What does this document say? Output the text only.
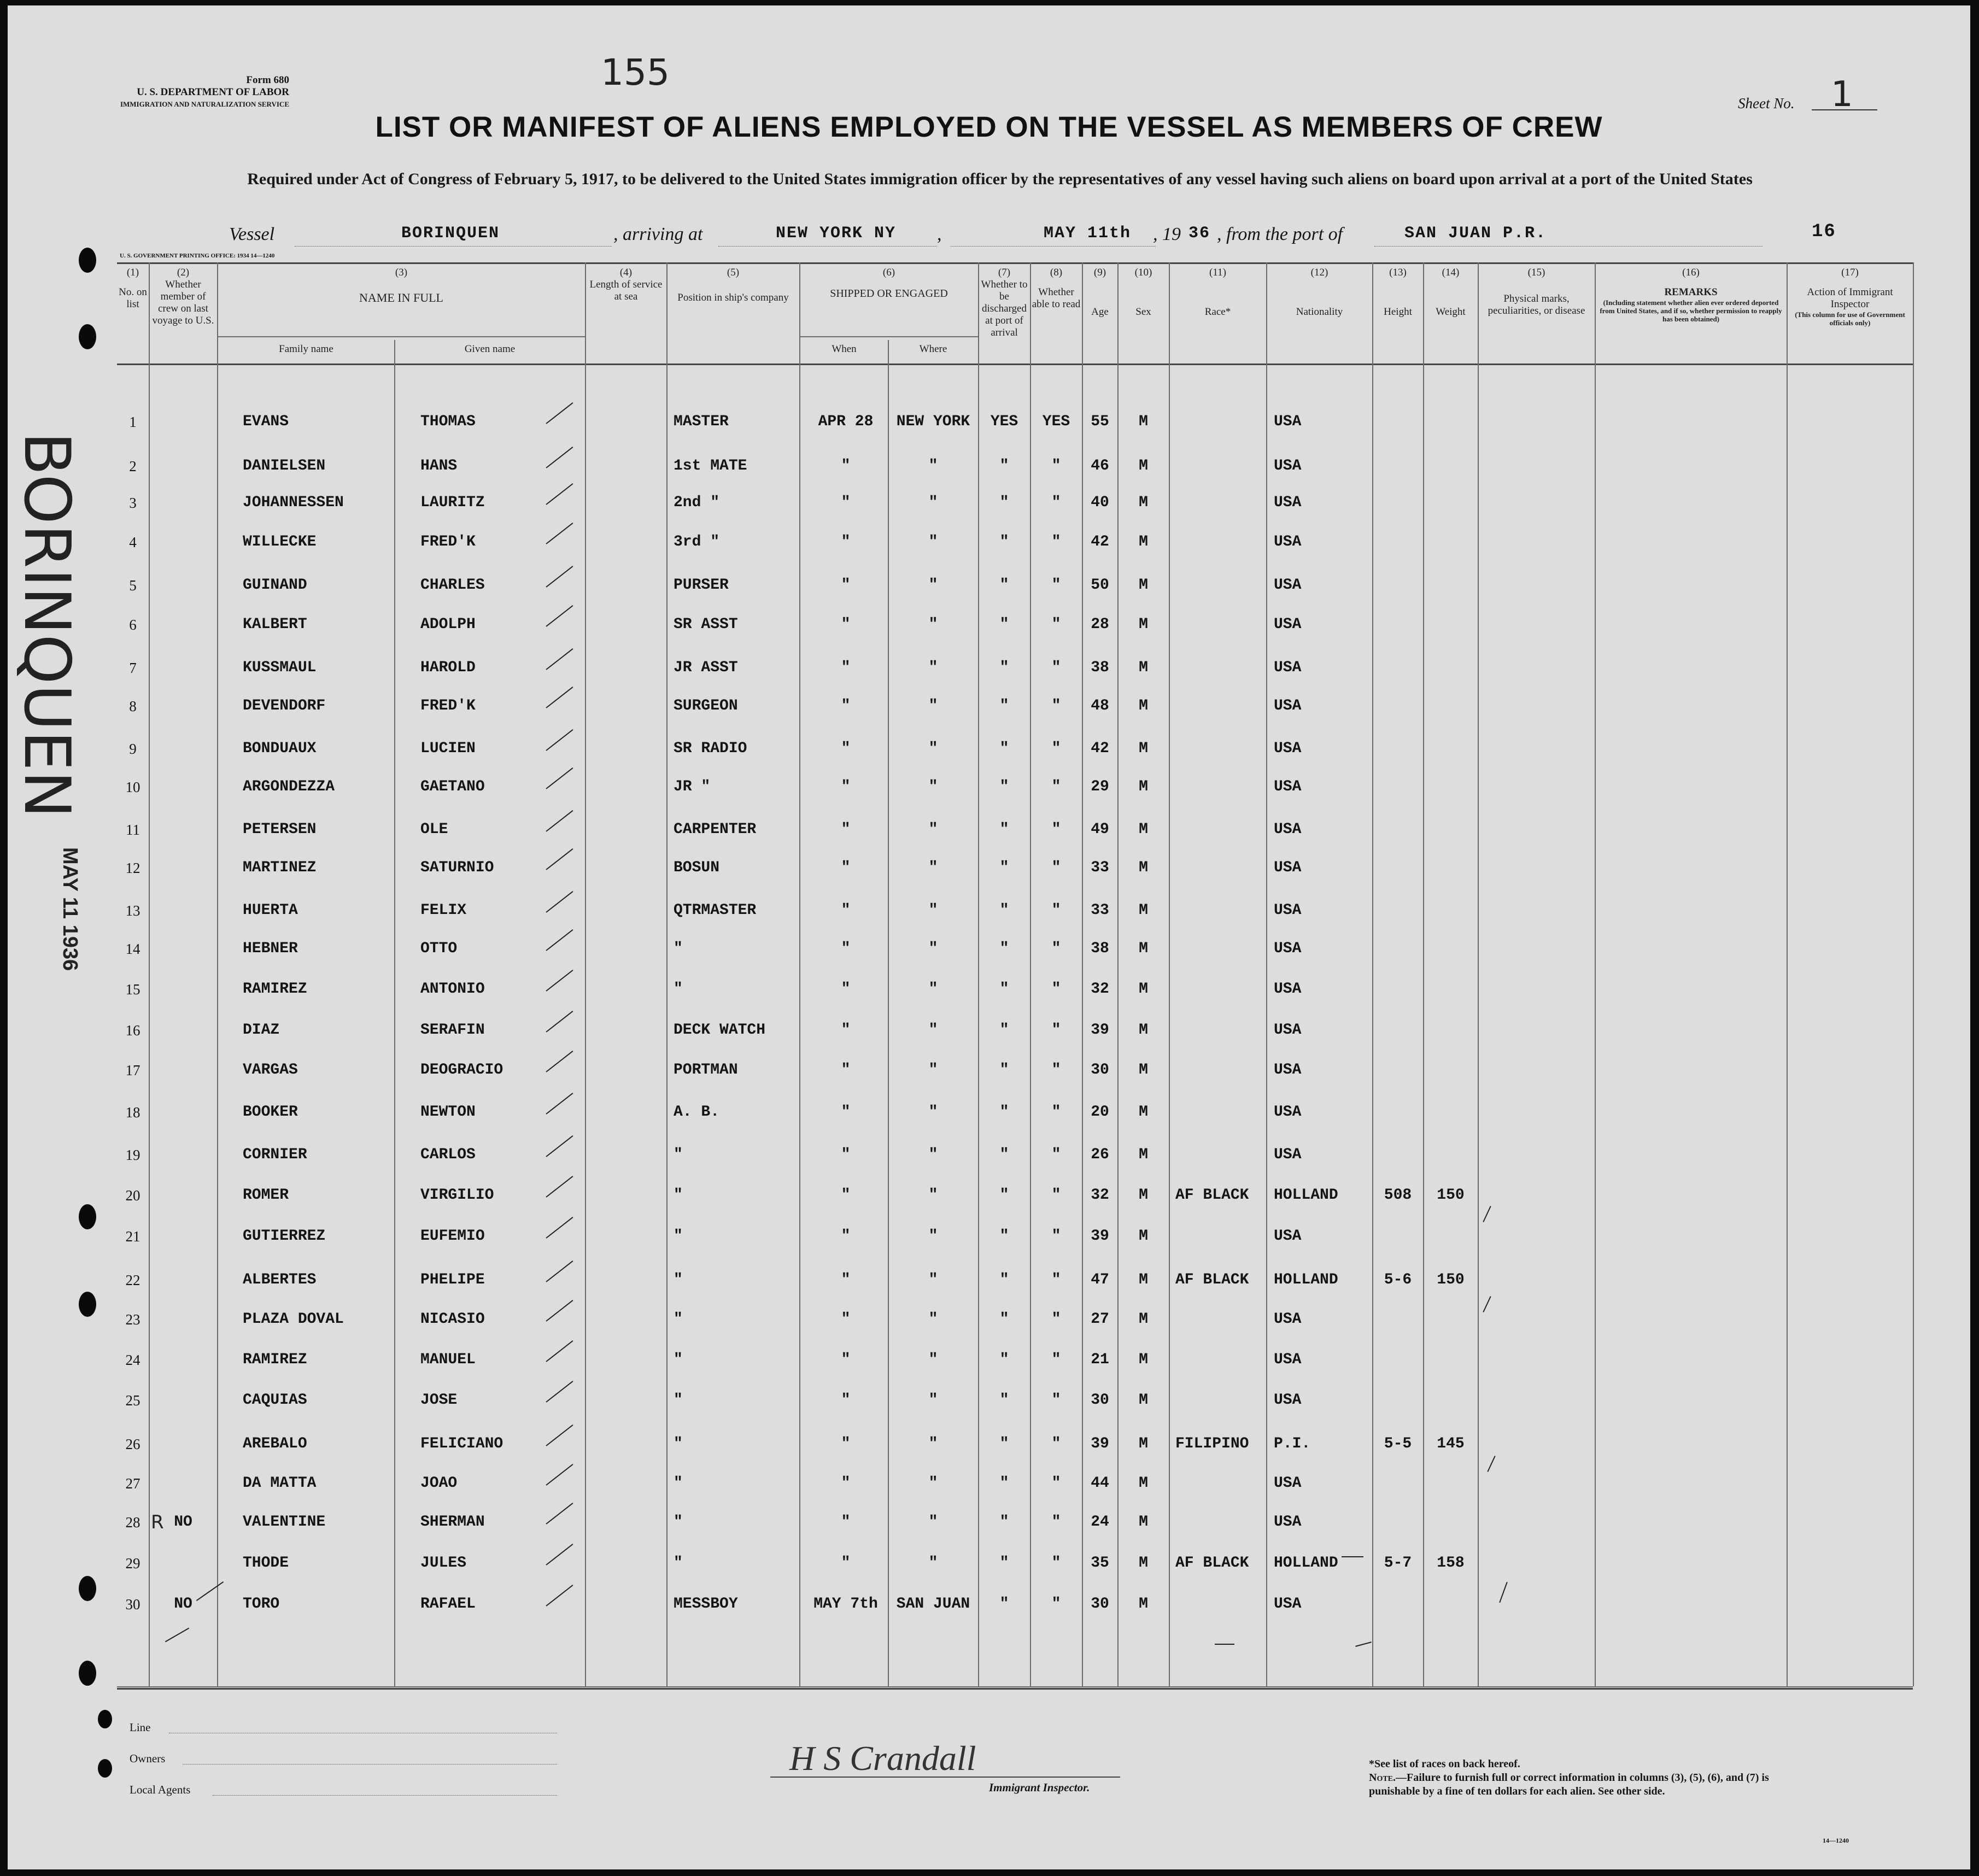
Form 680
U. S. DEPARTMENT OF LABOR
IMMIGRATION AND NATURALIZATION SERVICE
155
Sheet No. 1
LIST OR MANIFEST OF ALIENS EMPLOYED ON THE VESSEL AS MEMBERS OF CREW
Required under Act of Congress of February 5, 1917, to be delivered to the United States immigration officer by the representatives of any vessel having such aliens on board upon arrival at a port of the United States
Vessel	BORINQUEN	, arriving at	NEW YORK NY ,	MAY 11th , 19 36 , from the port of	SAN JUAN P.R.	16
U. S. GOVERNMENT PRINTING OFFICE: 1934 14—1240
(1)
No. on list
(2)
Whether member of crew on last voyage to U.S.
(3)
NAME IN FULL
Family name	Given name
(4)
Length of service at sea
(5)
Position in ship's company
(6)
SHIPPED OR ENGAGED
When	Where
(7)
Whether to be discharged at port of arrival
(8)
Whether able to read
(9)
Age
(10)
Sex
(11)
Race*
(12)
Nationality
(13)
Height
(14)
Weight
(15)
Physical marks, peculiarities, or disease
(16)
REMARKS
(Including statement whether alien ever ordered deported from United States, and if so, whether permission to reapply has been obtained)
(17)
Action of Immigrant Inspector
(This column for use of Government officials only)
BORINQUEN
MAY 11 1936
1	EVANS	THOMAS	MASTER	APR 28	NEW YORK	YES	YES	55	M	USA
2	DANIELSEN	HANS	1st MATE	"	"	"	"	46	M	USA
3	JOHANNESSEN	LAURITZ	2nd "	"	"	"	"	40	M	USA
4	WILLECKE	FRED'K	3rd "	"	"	"	"	42	M	USA
5	GUINAND	CHARLES	PURSER	"	"	"	"	50	M	USA
6	KALBERT	ADOLPH	SR ASST	"	"	"	"	28	M	USA
7	KUSSMAUL	HAROLD	JR ASST	"	"	"	"	38	M	USA
8	DEVENDORF	FRED'K	SURGEON	"	"	"	"	48	M	USA
9	BONDUAUX	LUCIEN	SR RADIO	"	"	"	"	42	M	USA
10	ARGONDEZZA	GAETANO	JR "	"	"	"	"	29	M	USA
11	PETERSEN	OLE	CARPENTER	"	"	"	"	49	M	USA
12	MARTINEZ	SATURNIO	BOSUN	"	"	"	"	33	M	USA
13	HUERTA	FELIX	QTRMASTER	"	"	"	"	33	M	USA
14	HEBNER	OTTO	"	"	"	"	"	38	M	USA
15	RAMIREZ	ANTONIO	"	"	"	"	"	32	M	USA
16	DIAZ	SERAFIN	DECK WATCH	"	"	"	"	39	M	USA
17	VARGAS	DEOGRACIO	PORTMAN	"	"	"	"	30	M	USA
18	BOOKER	NEWTON	A. B.	"	"	"	"	20	M	USA
19	CORNIER	CARLOS	"	"	"	"	"	26	M	USA
20	ROMER	VIRGILIO	"	"	"	"	"	32	M	AF BLACK	HOLLAND	508	150
21	GUTIERREZ	EUFEMIO	"	"	"	"	"	39	M	USA
22	ALBERTES	PHELIPE	"	"	"	"	"	47	M	AF BLACK	HOLLAND	5-6	150
23	PLAZA DOVAL	NICASIO	"	"	"	"	"	27	M	USA
24	RAMIREZ	MANUEL	"	"	"	"	"	21	M	USA
25	CAQUIAS	JOSE	"	"	"	"	"	30	M	USA
26	AREBALO	FELICIANO	"	"	"	"	"	39	M	FILIPINO	P.I.	5-5	145
27	DA MATTA	JOAO	"	"	"	"	"	44	M	USA
28	NO	VALENTINE	SHERMAN	"	"	"	"	"	24	M	USA
29	THODE	JULES	"	"	"	"	"	35	M	AF BLACK	HOLLAND	5-7	158
30	NO	TORO	RAFAEL	MESSBOY	MAY 7th	SAN JUAN	"	"	30	M	USA
R
Line
Owners
Local Agents
H S Crandall
Immigrant Inspector.
*See list of races on back hereof.
Note.—Failure to furnish full or correct information in columns (3), (5), (6), and (7) is punishable by a fine of ten dollars for each alien. See other side.
14—1240
